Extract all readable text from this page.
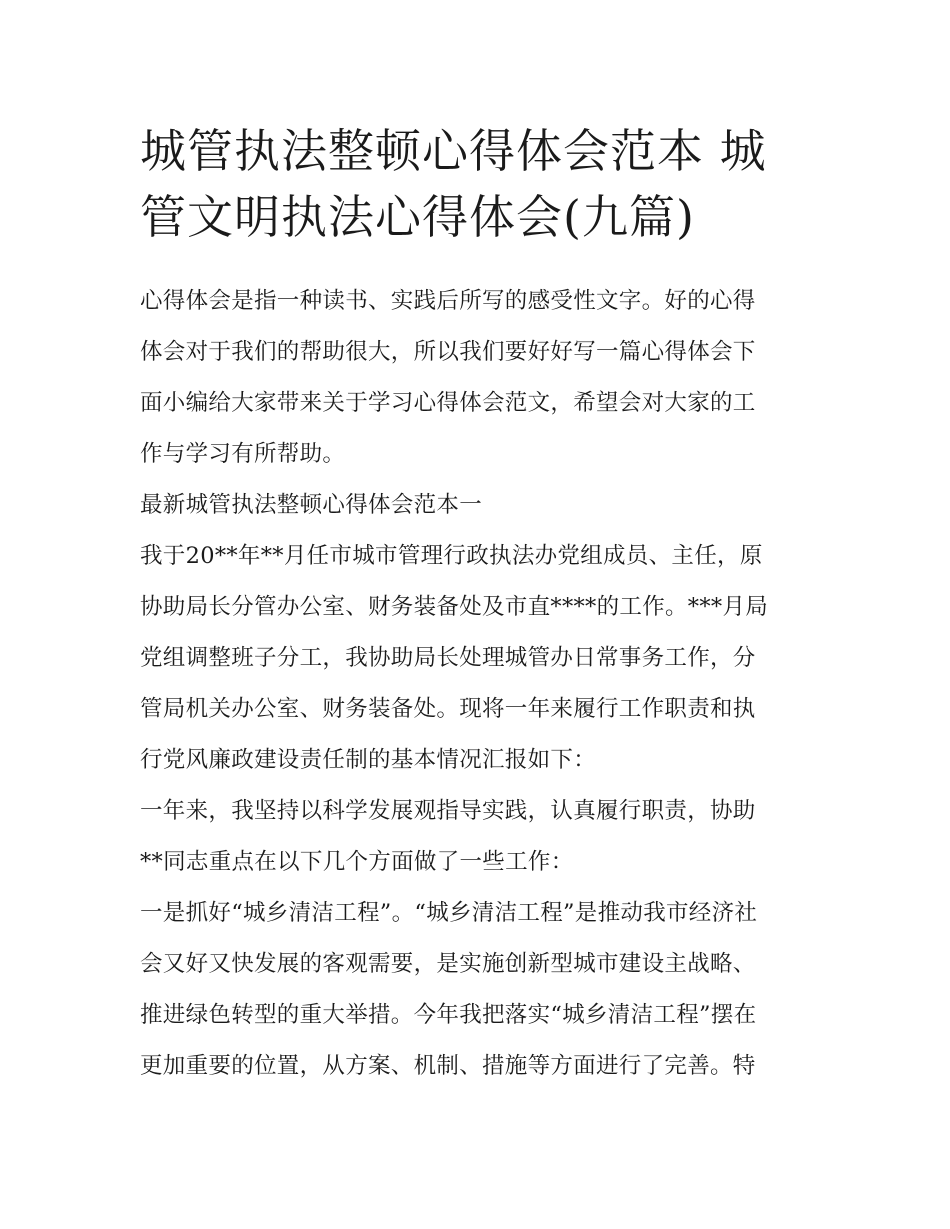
城管执法整顿心得体会范本 城
管文明执法心得体会(九篇)
心得体会是指一种读书、实践后所写的感受性文字。好的心得
体会对于我们的帮助很大，所以我们要好好写一篇心得体会下
面小编给大家带来关于学习心得体会范文，希望会对大家的工
作与学习有所帮助。
最新城管执法整顿心得体会范本一
我于20**年**月任市城市管理行政执法办党组成员、主任，原
协助局长分管办公室、财务装备处及市直****的工作。***月局
党组调整班子分工，我协助局长处理城管办日常事务工作，分
管局机关办公室、财务装备处。现将一年来履行工作职责和执
行党风廉政建设责任制的基本情况汇报如下：
一年来，我坚持以科学发展观指导实践，认真履行职责，协助
**同志重点在以下几个方面做了一些工作：
一是抓好“城乡清洁工程”。“城乡清洁工程”是推动我市经济社
会又好又快发展的客观需要，是实施创新型城市建设主战略、
推进绿色转型的重大举措。今年我把落实“城乡清洁工程”摆在
更加重要的位置，从方案、机制、措施等方面进行了完善。特
